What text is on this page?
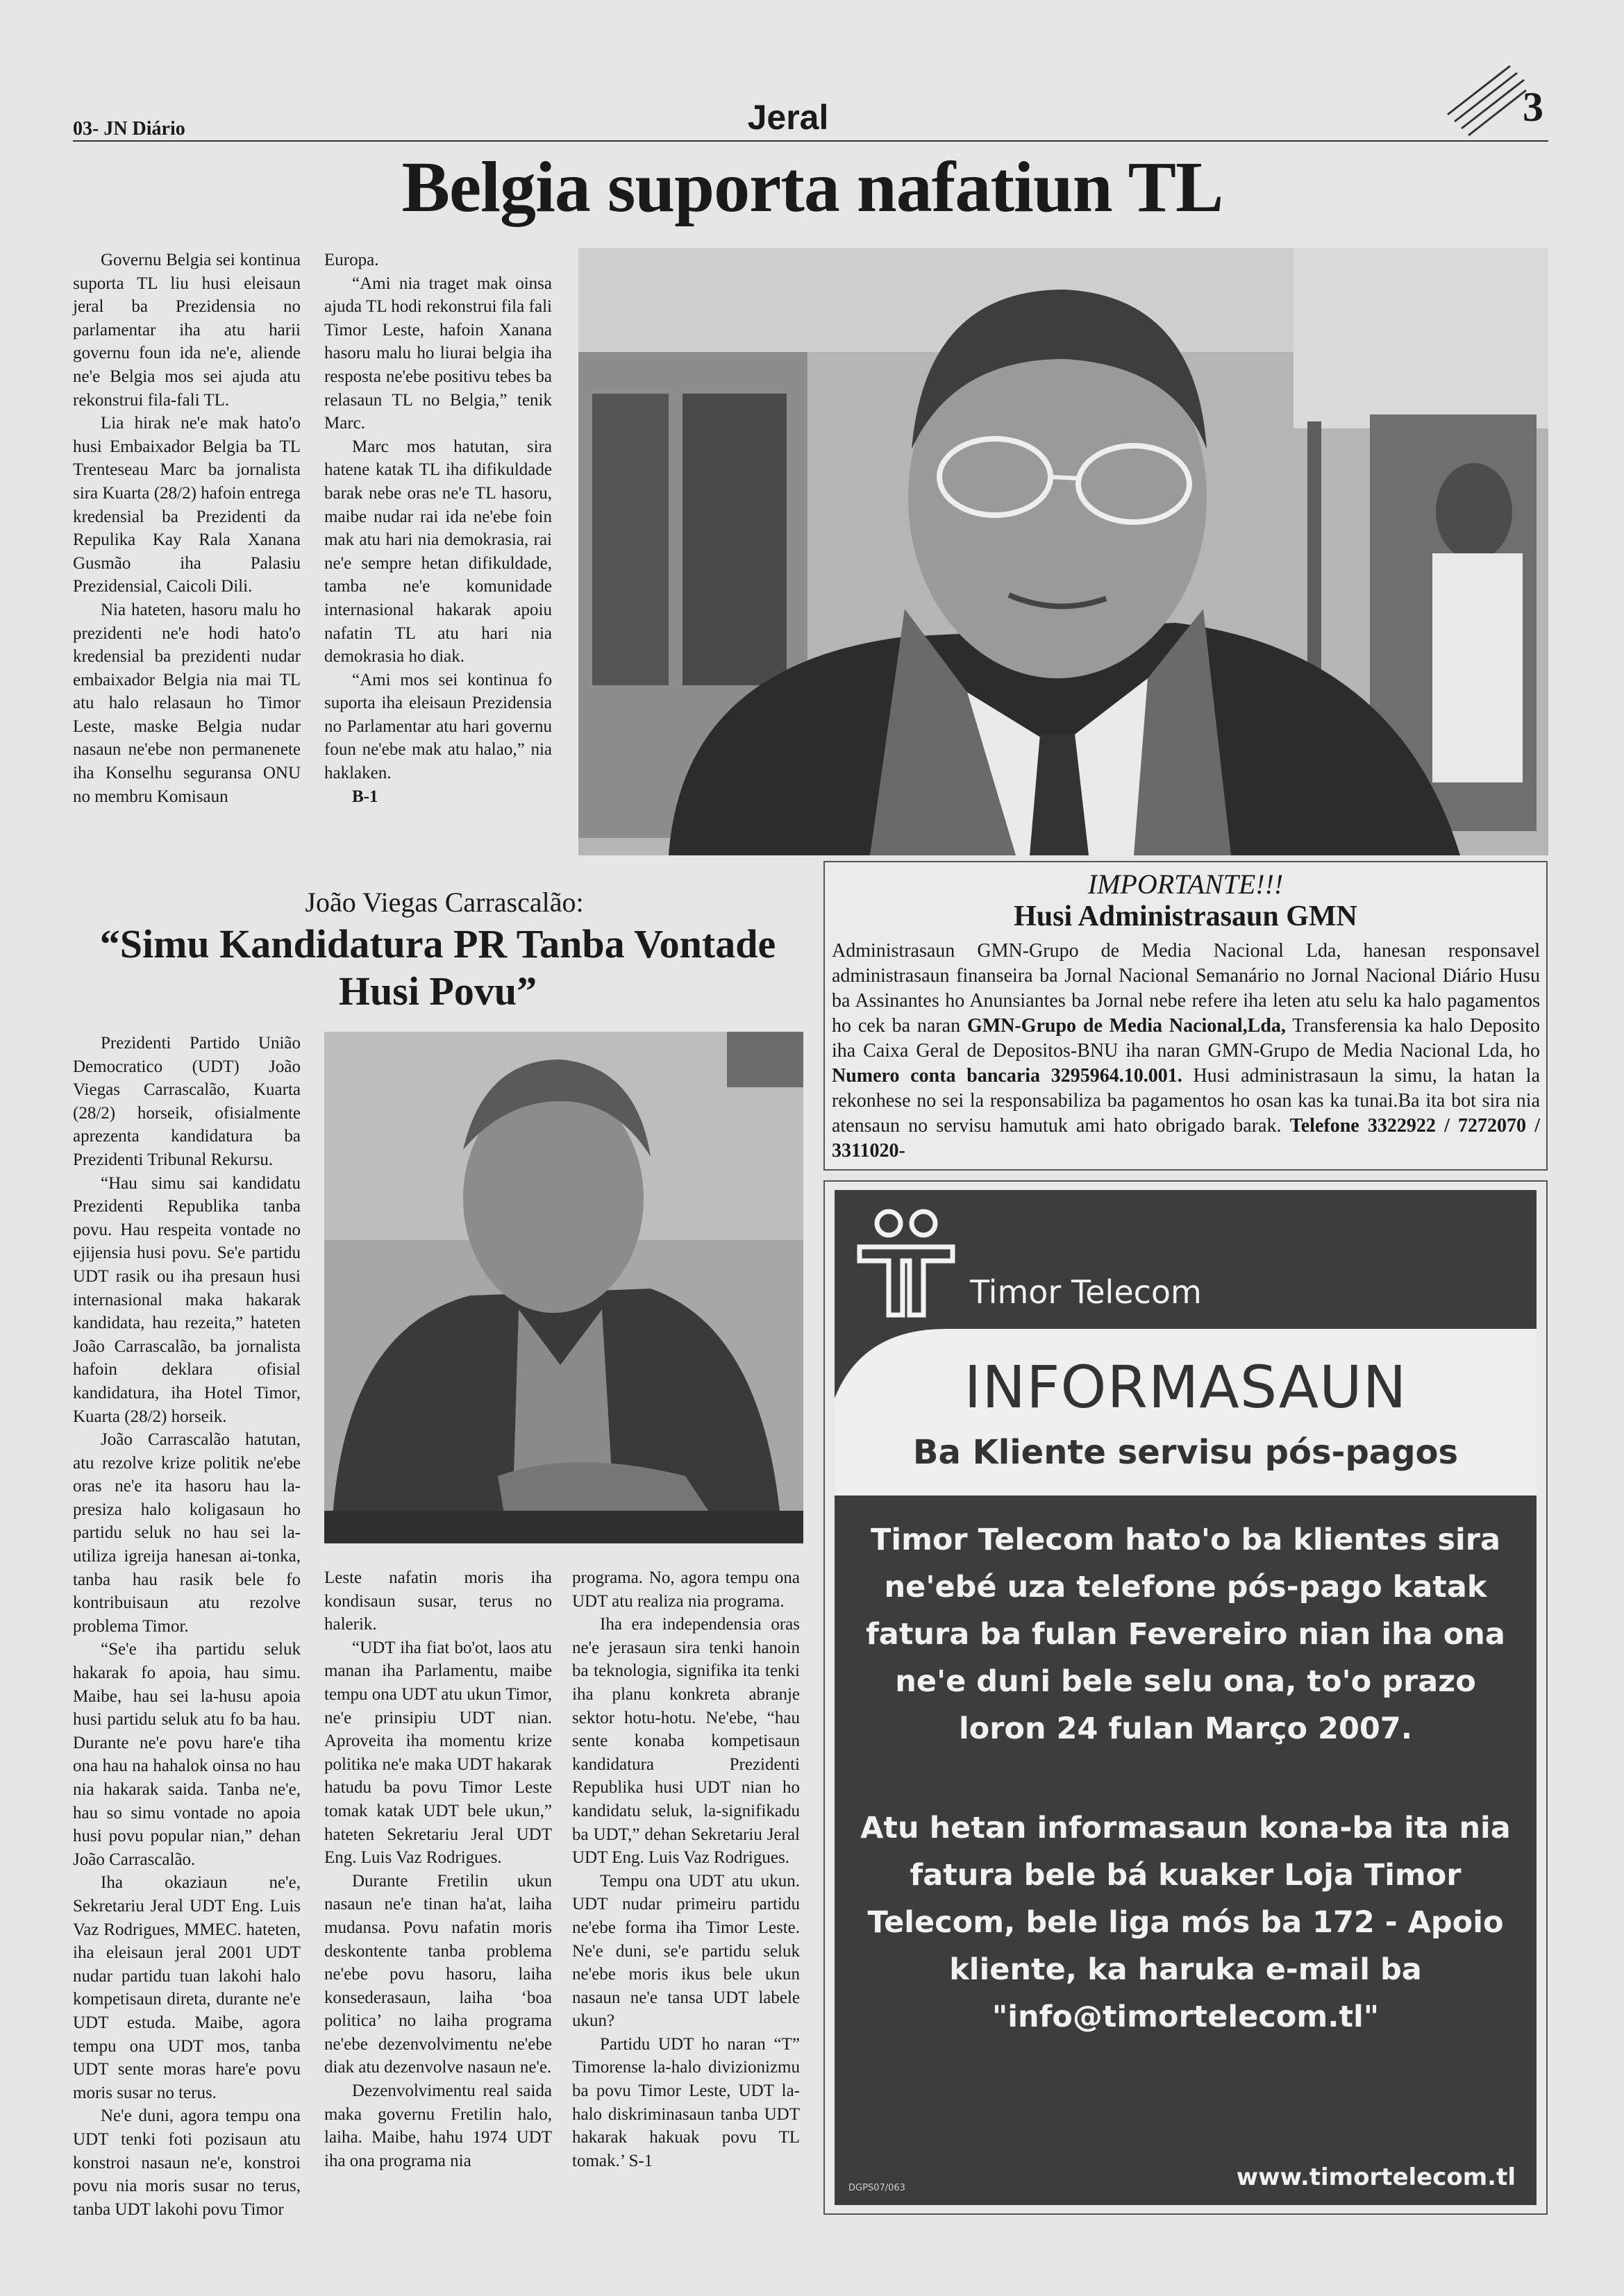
03- JN Diário	Jeral	3
Belgia suporta nafatiun TL

Governu Belgia sei kontinua suporta TL liu husi eleisaun jeral ba Prezidensia no parlamentar iha atu harii governu foun ida ne'e, aliende ne'e Belgia mos sei ajuda atu rekonstrui fila-fali TL.

Lia hirak ne'e mak hato'o husi Embaixador Belgia ba TL Trenteseau Marc ba jornalista sira Kuarta (28/2) hafoin entrega kredensial ba Prezidenti da Repulika Kay Rala Xanana Gusmão iha Palasiu Prezidensial, Caicoli Dili.

Nia hateten, hasoru malu ho prezidenti ne'e hodi hato'o kredensial ba prezidenti nudar embaixador Belgia nia mai TL atu halo relasaun ho Timor Leste, maske Belgia nudar nasaun ne'ebe non permanenete iha Konselhu seguransa ONU no membru Komisaun

Europa.

“Ami nia traget mak oinsa ajuda TL hodi rekonstrui fila fali Timor Leste, hafoin Xanana hasoru malu ho liurai belgia iha resposta ne'ebe positivu tebes ba relasaun TL no Belgia,” tenik Marc.

Marc mos hatutan, sira hatene katak TL iha difikuldade barak nebe oras ne'e TL hasoru, maibe nudar rai ida ne'ebe foin mak atu hari nia demokrasia, rai ne'e sempre hetan difikuldade, tamba ne'e komunidade internasional hakarak apoiu nafatin TL atu hari nia demokrasia ho diak.

“Ami mos sei kontinua fo suporta iha eleisaun Prezidensia no Parlamentar atu hari governu foun ne'ebe mak atu halao,” nia haklaken.

B-1

João Viegas Carrascalão:
“Simu Kandidatura PR Tanba Vontade Husi Povu”

Prezidenti Partido União Democratico (UDT) João Viegas Carrascalão, Kuarta (28/2) horseik, ofisialmente aprezenta kandidatura ba Prezidenti Tribunal Rekursu.

“Hau simu sai kandidatu Prezidenti Republika tanba povu. Hau respeita vontade no ejijensia husi povu. Se'e partidu UDT rasik ou iha presaun husi internasional maka hakarak kandidata, hau rezeita,” hateten João Carrascalão, ba jornalista hafoin deklara ofisial kandidatura, iha Hotel Timor, Kuarta (28/2) horseik.

João Carrascalão hatutan, atu rezolve krize politik ne'ebe oras ne'e ita hasoru hau la-presiza halo koligasaun ho partidu seluk no hau sei la-utiliza igreija hanesan ai-tonka, tanba hau rasik bele fo kontribuisaun atu rezolve problema Timor.

“Se'e iha partidu seluk hakarak fo apoia, hau simu. Maibe, hau sei la-husu apoia husi partidu seluk atu fo ba hau. Durante ne'e povu hare'e tiha ona hau na hahalok oinsa no hau nia hakarak saida. Tanba ne'e, hau so simu vontade no apoia husi povu popular nian,” dehan João Carrascalão.

Iha okaziaun ne'e, Sekretariu Jeral UDT Eng. Luis Vaz Rodrigues, MMEC. hateten, iha eleisaun jeral 2001 UDT nudar partidu tuan lakohi halo kompetisaun direta, durante ne'e UDT estuda. Maibe, agora tempu ona UDT mos, tanba UDT sente moras hare'e povu moris susar no terus.

Ne'e duni, agora tempu ona UDT tenki foti pozisaun atu konstroi nasaun ne'e, konstroi povu nia moris susar no terus, tanba UDT lakohi povu Timor

Leste nafatin moris iha kondisaun susar, terus no halerik.

“UDT iha fiat bo'ot, laos atu manan iha Parlamentu, maibe tempu ona UDT atu ukun Timor, ne'e prinsipiu UDT nian. Aproveita iha momentu krize politika ne'e maka UDT hakarak hatudu ba povu Timor Leste tomak katak UDT bele ukun,” hateten Sekretariu Jeral UDT Eng. Luis Vaz Rodrigues.

Durante Fretilin ukun nasaun ne'e tinan ha'at, laiha mudansa. Povu nafatin moris deskontente tanba problema ne'ebe povu hasoru, laiha konsederasaun, laiha ‘boa politica’ no laiha programa ne'ebe dezenvolvimentu ne'ebe diak atu dezenvolve nasaun ne'e.

Dezenvolvimentu real saida maka governu Fretilin halo, laiha. Maibe, hahu 1974 UDT iha ona programa nia

programa. No, agora tempu ona UDT atu realiza nia programa.

Iha era independensia oras ne'e jerasaun sira tenki hanoin ba teknologia, signifika ita tenki iha planu konkreta abranje sektor hotu-hotu. Ne'ebe, “hau sente konaba kompetisaun kandidatura Prezidenti Republika husi UDT nian ho kandidatu seluk, la-signifikadu ba UDT,” dehan Sekretariu Jeral UDT Eng. Luis Vaz Rodrigues.

Tempu ona UDT atu ukun. UDT nudar primeiru partidu ne'ebe forma iha Timor Leste. Ne'e duni, se'e partidu seluk ne'ebe moris ikus bele ukun nasaun ne'e tansa UDT labele ukun?

Partidu UDT ho naran “T” Timorense la-halo divizionizmu ba povu Timor Leste, UDT la-halo diskriminasaun tanba UDT hakarak hakuak povu TL tomak.’ S-1

IMPORTANTE!!!
Husi Administrasaun GMN
Administrasaun GMN-Grupo de Media Nacional Lda, hanesan responsavel administrasaun finanseira ba Jornal Nacional Semanário no Jornal Nacional Diário Husu ba Assinantes ho Anunsiantes ba Jornal nebe refere iha leten atu selu ka halo pagamentos ho cek ba naran GMN-Grupo de Media Nacional,Lda, Transferensia ka halo Deposito iha Caixa Geral de Depositos-BNU iha naran GMN-Grupo de Media Nacional Lda, ho Numero conta bancaria 3295964.10.001. Husi administrasaun la simu, la hatan la rekonhese no sei la responsabiliza ba pagamentos ho osan kas ka tunai.Ba ita bot sira nia atensaun no servisu hamutuk ami hato obrigado barak. Telefone 3322922 / 7272070 / 3311020-
Timor Telecom
INFORMASAUN
Ba Kliente servisu pós-pagos
Timor Telecom hato'o ba klientes sira ne'ebé uza telefone pós-pago katak fatura ba fulan Fevereiro nian iha ona ne'e duni bele selu ona, to'o prazo loron 24 fulan Março 2007.
Atu hetan informasaun kona-ba ita nia fatura bele bá kuaker Loja Timor Telecom, bele liga mós ba 172 - Apoio kliente, ka haruka e-mail ba "info@timortelecom.tl"
DGPS07/063	www.timortelecom.tl
